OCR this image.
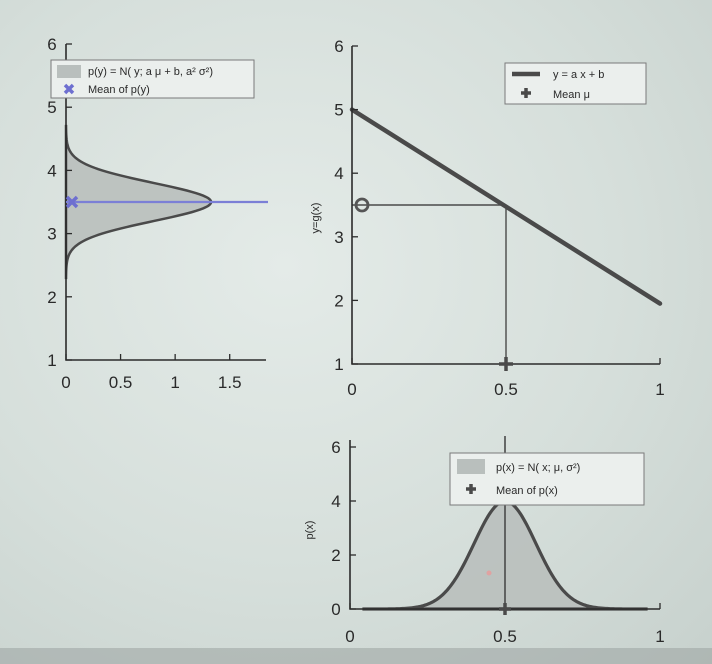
1
2
3
4
5
6
0 0.5 1 1.5
p(y) = N( y; a μ + b, a² σ²)
Mean of p(y)
1
2
3
4
5
6
0	0.5	1
y=g(x)
y = a x + b
Mean μ
0
2
4
6
0	0.5	1
p(x)
p(x) = N( x; μ, σ²)
Mean of p(x)
